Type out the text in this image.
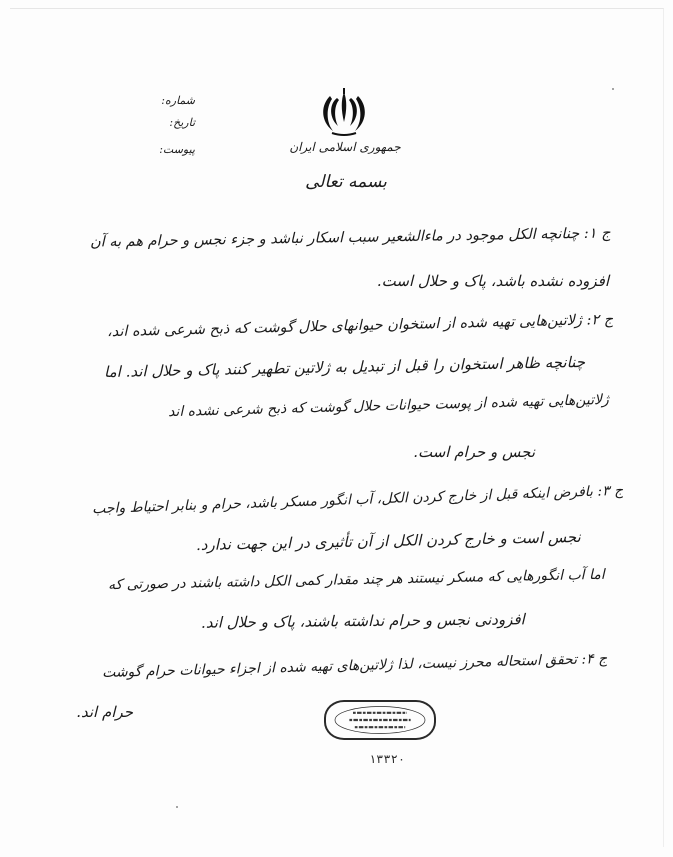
شماره:
تاریخ:
پیوست:	جمهوری اسلامی ایران
بسمه تعالی
ج ۱: چنانچه الکل موجود در ماءالشعیر سبب اسکار نباشد و جزء نجس و حرام هم به آن
افزوده نشده باشد، پاک و حلال است.
ج ۲: ژلاتین‌هایی تهیه شده از استخوان حیوانهای حلال گوشت که ذبح شرعی شده اند،
چنانچه ظاهر استخوان را قبل از تبدیل به ژلاتین تطهیر کنند پاک و حلال اند. اما
ژلاتین‌هایی تهیه شده از پوست حیوانات حلال گوشت که ذبح شرعی نشده اند
نجس و حرام است.
ج ۳: بافرض اینکه قبل از خارج کردن الکل، آب انگور مسکر باشد، حرام و بنابر احتیاط واجب
نجس است و خارج کردن الکل از آن تأثیری در این جهت ندارد.
اما آب انگورهایی که مسکر نیستند هر چند مقدار کمی الکل داشته باشند در صورتی که
افزودنی نجس و حرام نداشته باشند، پاک و حلال اند.
ج ۴: تحقق استحاله محرز نیست، لذا ژلاتین‌های تهیه شده از اجزاء حیوانات حرام گوشت
حرام اند.
۱۳۳۲۰
